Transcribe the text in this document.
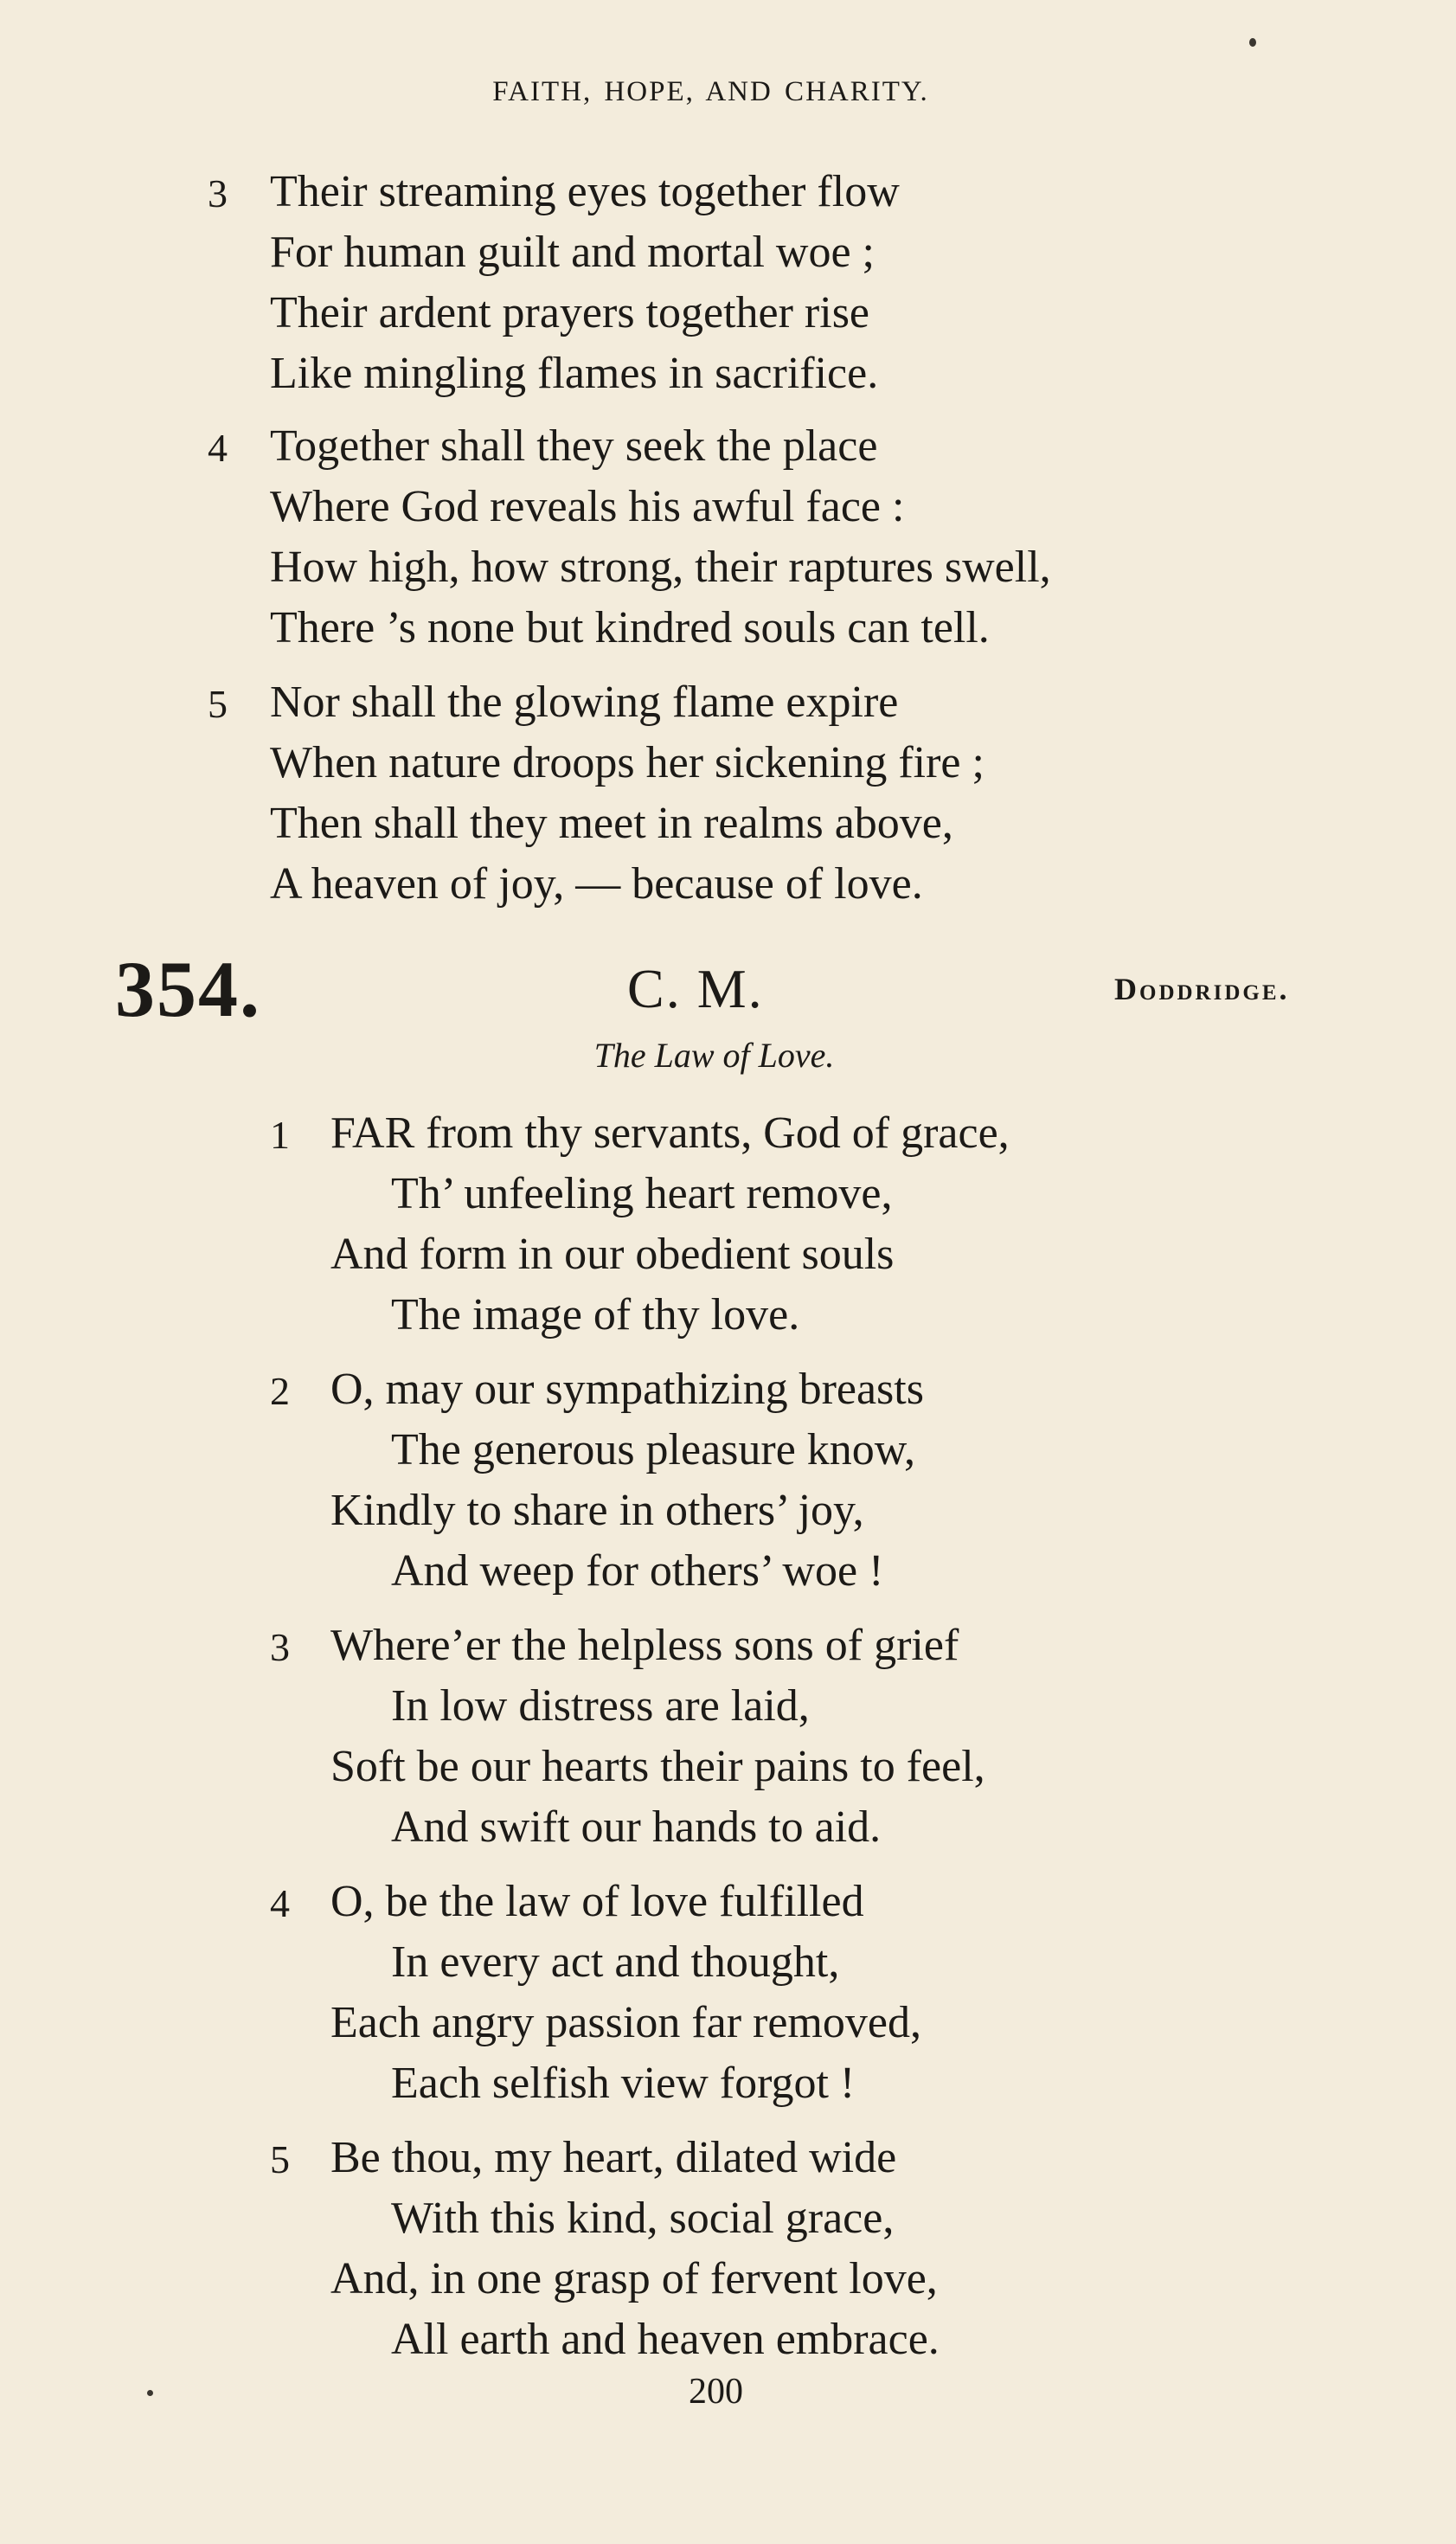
FAITH, HOPE, AND CHARITY.
3 Their streaming eyes together flow
For human guilt and mortal woe ;
Their ardent prayers together rise
Like mingling flames in sacrifice.
4 Together shall they seek the place
Where God reveals his awful face :
How high, how strong, their raptures swell,
There ’s none but kindred souls can tell.
5 Nor shall the glowing flame expire
When nature droops her sickening fire ;
Then shall they meet in realms above,
A heaven of joy, — because of love.
354.	C. M.	Doddridge.
The Law of Love.
1 FAR from thy servants, God of grace,
Th’ unfeeling heart remove,
And form in our obedient souls
The image of thy love.
2 O, may our sympathizing breasts
The generous pleasure know,
Kindly to share in others’ joy,
And weep for others’ woe !
3 Where’er the helpless sons of grief
In low distress are laid,
Soft be our hearts their pains to feel,
And swift our hands to aid.
4 O, be the law of love fulfilled
In every act and thought,
Each angry passion far removed,
Each selfish view forgot !
5 Be thou, my heart, dilated wide
With this kind, social grace,
And, in one grasp of fervent love,
All earth and heaven embrace.
200
